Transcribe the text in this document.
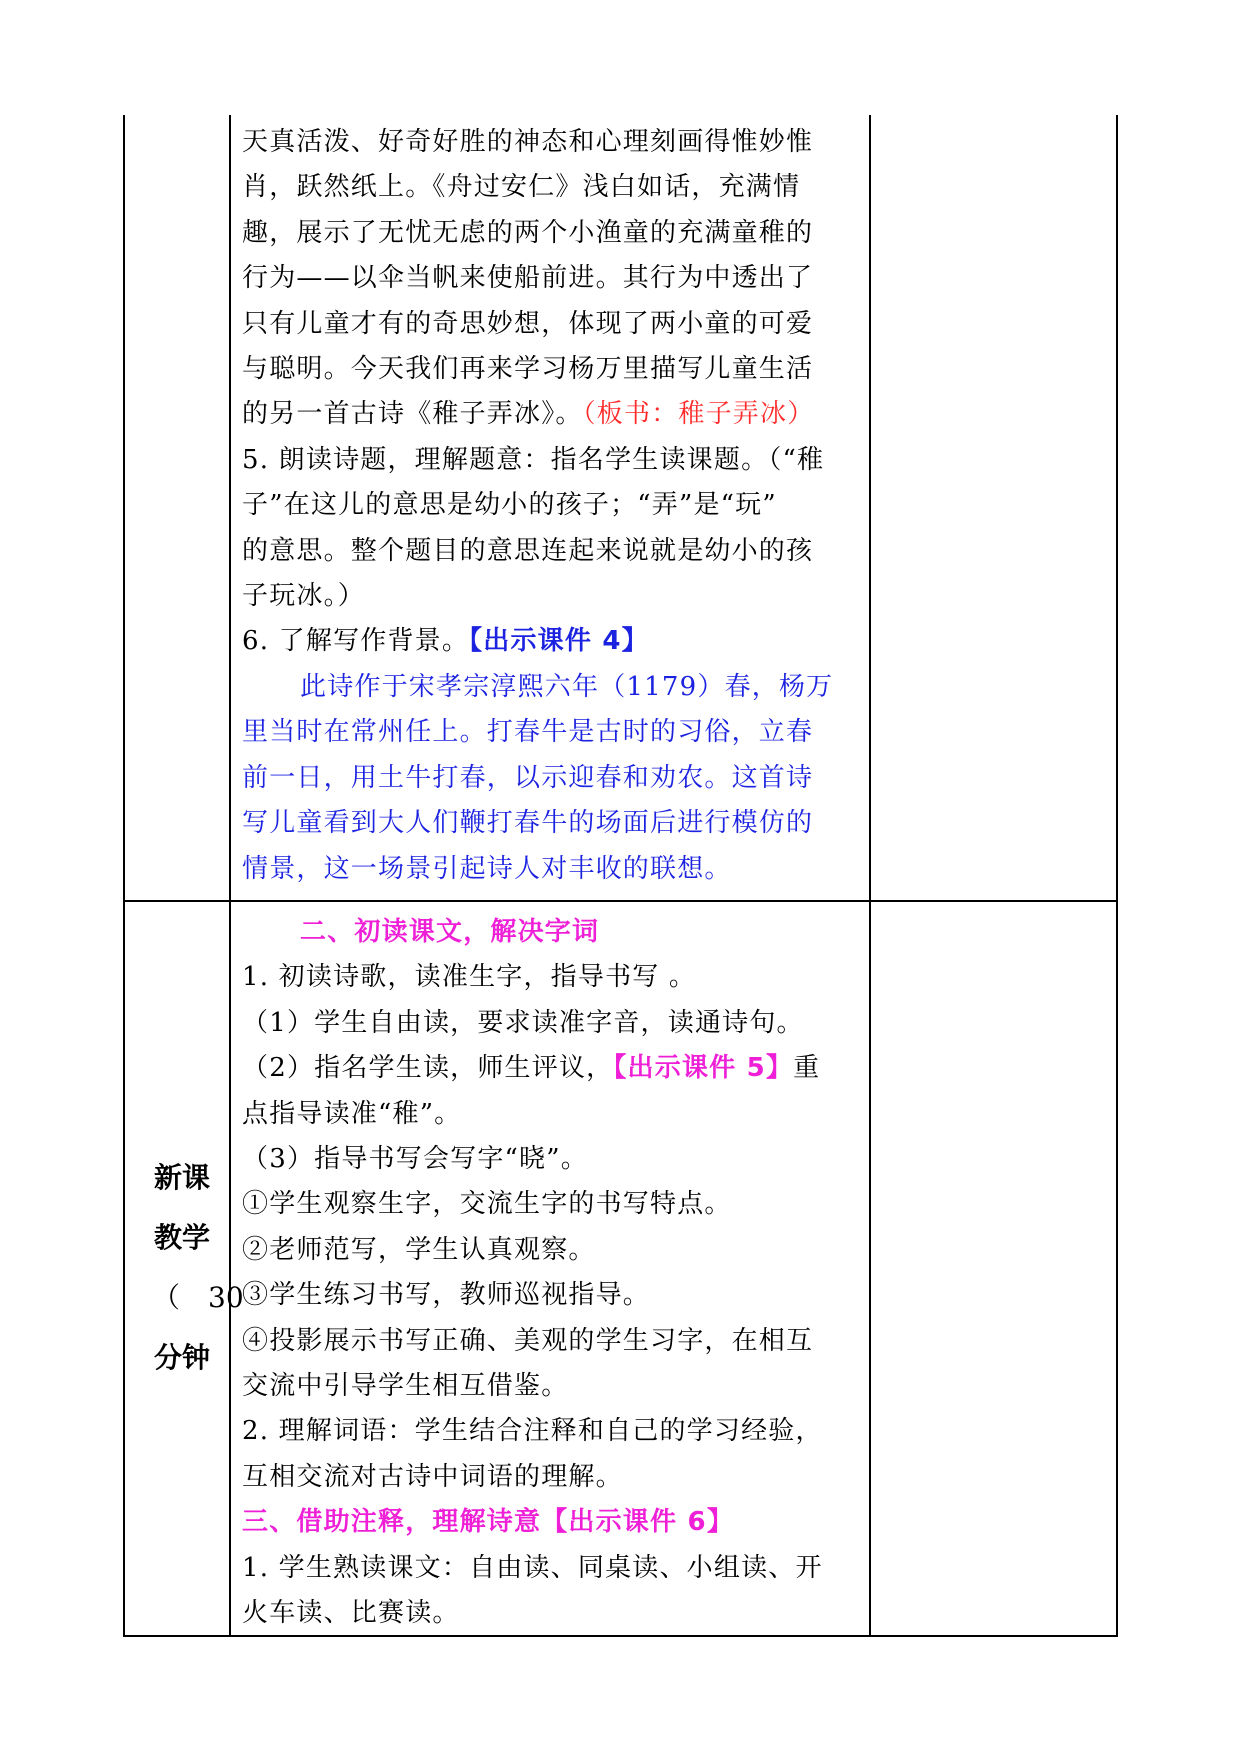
天真活泼、好奇好胜的神态和心理刻画得惟妙惟

肖，跃然纸上。《舟过安仁》浅白如话，充满情

趣，展示了无忧无虑的两个小渔童的充满童稚的

行为——以伞当帆来使船前进。其行为中透出了

只有儿童才有的奇思妙想，体现了两小童的可爱

与聪明。今天我们再来学习杨万里描写儿童生活

的另一首古诗《稚子弄冰》。（板书：稚子弄冰）

5. 朗读诗题，理解题意：指名学生读课题。（“稚

子”在这儿的意思是幼小的孩子；“弄”是“玩”

的意思。整个题目的意思连起来说就是幼小的孩

子玩冰。）

6. 了解写作背景。【出示课件 4】

此诗作于宋孝宗淳熙六年（1179）春，杨万

里当时在常州任上。打春牛是古时的习俗，立春

前一日，用土牛打春，以示迎春和劝农。这首诗

写儿童看到大人们鞭打春牛的场面后进行模仿的

情景，这一场景引起诗人对丰收的联想。

新课

教学

（ 30

分钟

二、初读课文，解决字词

1. 初读诗歌，读准生字，指导书写 。

（1）学生自由读，要求读准字音，读通诗句。

（2）指名学生读，师生评议，【出示课件 5】重

点指导读准“稚”。

（3）指导书写会写字“晓”。

①学生观察生字，交流生字的书写特点。

②老师范写，学生认真观察。

③学生练习书写，教师巡视指导。

④投影展示书写正确、美观的学生习字，在相互

交流中引导学生相互借鉴。

2. 理解词语：学生结合注释和自己的学习经验，

互相交流对古诗中词语的理解。

三、借助注释，理解诗意【出示课件 6】

1. 学生熟读课文：自由读、同桌读、小组读、开

火车读、比赛读。
